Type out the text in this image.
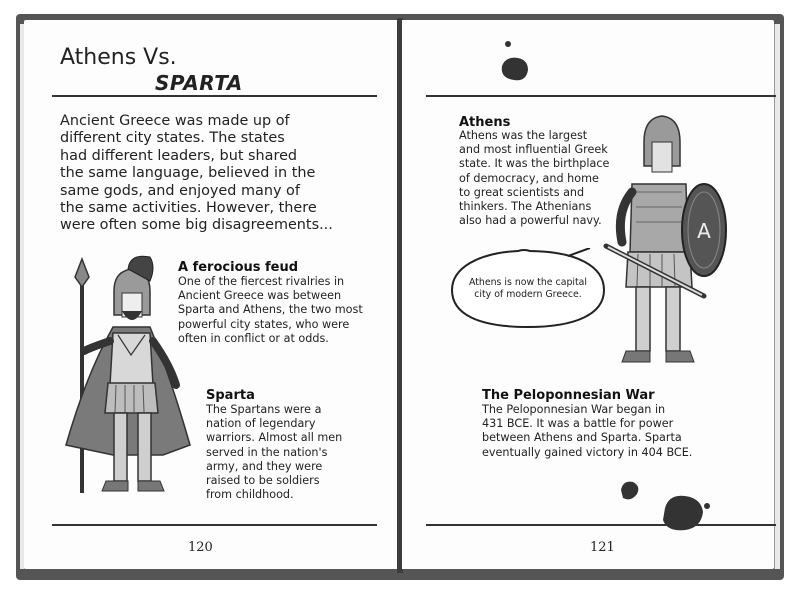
Athens Vs.
SPARTA
Ancient Greece was made up of
different city states. The states
had different leaders, but shared
the same language, believed in the
same gods, and enjoyed many of
the same activities. However, there
were often some big disagreements...
A ferocious feud
One of the fiercest rivalries in
Ancient Greece was between
Sparta and Athens, the two most
powerful city states, who were
often in conflict or at odds.
Sparta
The Spartans were a
nation of legendary
warriors. Almost all men
served in the nation's
army, and they were
raised to be soldiers
from childhood.
120
Athens
Athens was the largest
and most influential Greek
state. It was the birthplace
of democracy, and home
to great scientists and
thinkers. The Athenians
also had a powerful navy.
Athens is now the capital
city of modern Greece.
A
The Peloponnesian War
The Peloponnesian War began in
431 BCE. It was a battle for power
between Athens and Sparta. Sparta
eventually gained victory in 404 BCE.
121
